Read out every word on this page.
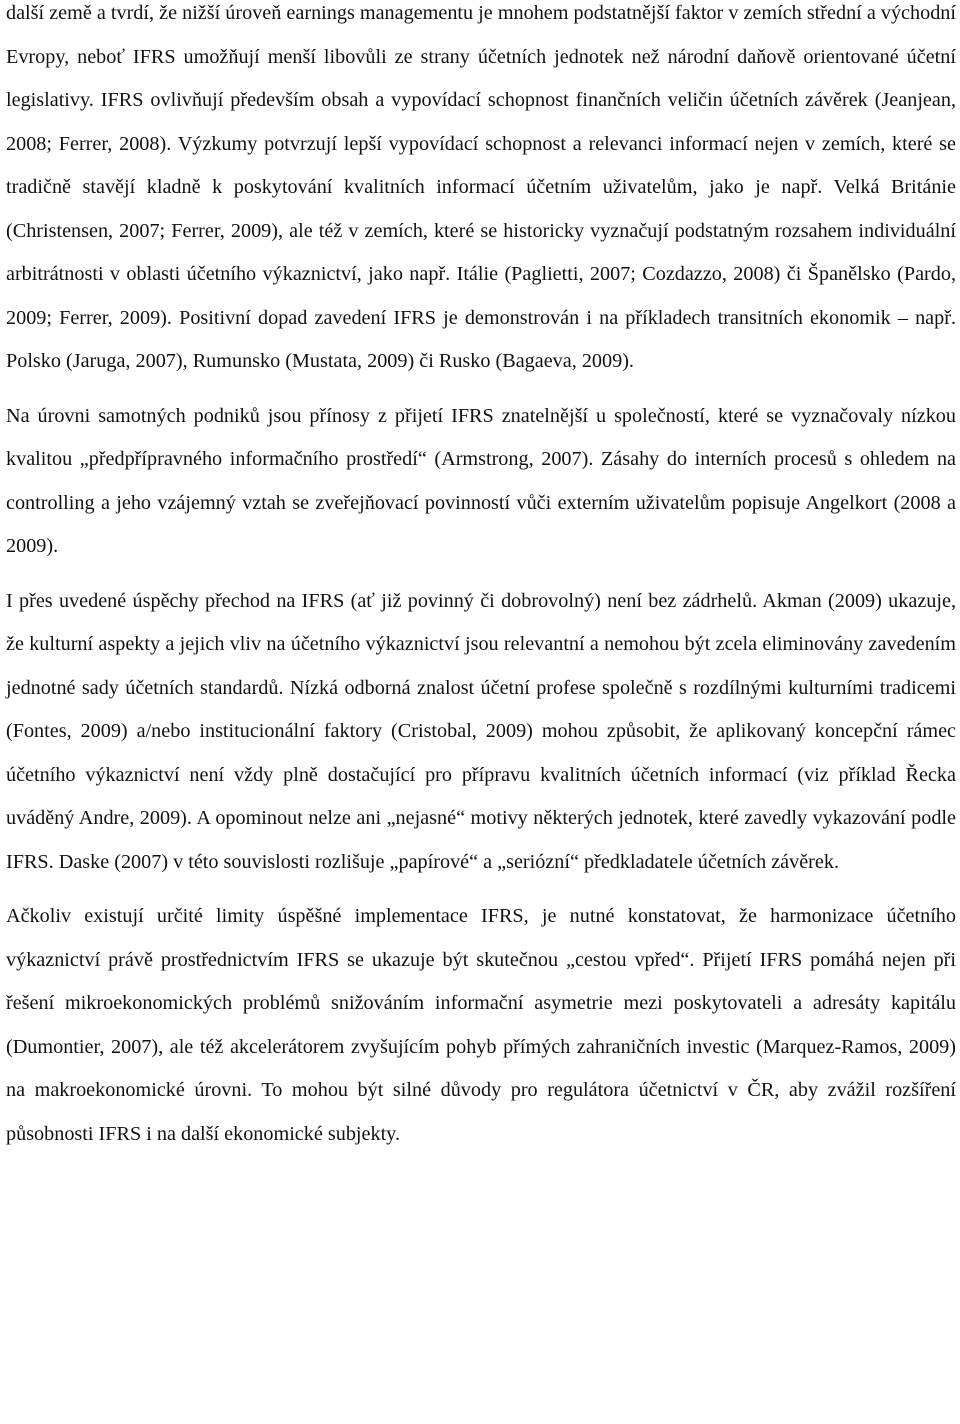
další země a tvrdí, že nižší úroveň earnings managementu je mnohem podstatnější faktor v zemích střední a východní Evropy, neboť IFRS umožňují menší libovůli ze strany účetních jednotek než národní daňově orientované účetní legislativy. IFRS ovlivňují především obsah a vypovídací schopnost finančních veličin účetních závěrek (Jeanjean, 2008; Ferrer, 2008). Výzkumy potvrzují lepší vypovídací schopnost a relevanci informací nejen v zemích, které se tradičně stavějí kladně k poskytování kvalitních informací účetním uživatelům, jako je např. Velká Británie (Christensen, 2007; Ferrer, 2009), ale též v zemích, které se historicky vyznačují podstatným rozsahem individuální arbitrátnosti v oblasti účetního výkaznictví, jako např. Itálie (Paglietti, 2007; Cozdazzo, 2008) či Španělsko (Pardo, 2009; Ferrer, 2009). Positivní dopad zavedení IFRS je demonstrován i na příkladech transitních ekonomik – např. Polsko (Jaruga, 2007), Rumunsko (Mustata, 2009) či Rusko (Bagaeva, 2009).

Na úrovni samotných podniků jsou přínosy z přijetí IFRS znatelnější u společností, které se vyznačovaly nízkou kvalitou „předpřípravného informačního prostředí“ (Armstrong, 2007). Zásahy do interních procesů s ohledem na controlling a jeho vzájemný vztah se zveřejňovací povinností vůči externím uživatelům popisuje Angelkort (2008 a 2009).

I přes uvedené úspěchy přechod na IFRS (ať již povinný či dobrovolný) není bez zádrhelů. Akman (2009) ukazuje, že kulturní aspekty a jejich vliv na účetního výkaznictví jsou relevantní a nemohou být zcela eliminovány zavedením jednotné sady účetních standardů. Nízká odborná znalost účetní profese společně s rozdílnými kulturními tradicemi (Fontes, 2009) a/nebo institucionální faktory (Cristobal, 2009) mohou způsobit, že aplikovaný koncepční rámec účetního výkaznictví není vždy plně dostačující pro přípravu kvalitních účetních informací (viz příklad Řecka uváděný Andre, 2009). A opominout nelze ani „nejasné“ motivy některých jednotek, které zavedly vykazování podle IFRS. Daske (2007) v této souvislosti rozlišuje „papírové“ a „seriózní“ předkladatele účetních závěrek.

Ačkoliv existují určité limity úspěšné implementace IFRS, je nutné konstatovat, že harmonizace účetního výkaznictví právě prostřednictvím IFRS se ukazuje být skutečnou „cestou vpřed“. Přijetí IFRS pomáhá nejen při řešení mikroekonomických problémů snižováním informační asymetrie mezi poskytovateli a adresáty kapitálu (Dumontier, 2007), ale též akcelerátorem zvyšujícím pohyb přímých zahraničních investic (Marquez-Ramos, 2009) na makroekonomické úrovni. To mohou být silné důvody pro regulátora účetnictví v ČR, aby zvážil rozšíření působnosti IFRS i na další ekonomické subjekty.
